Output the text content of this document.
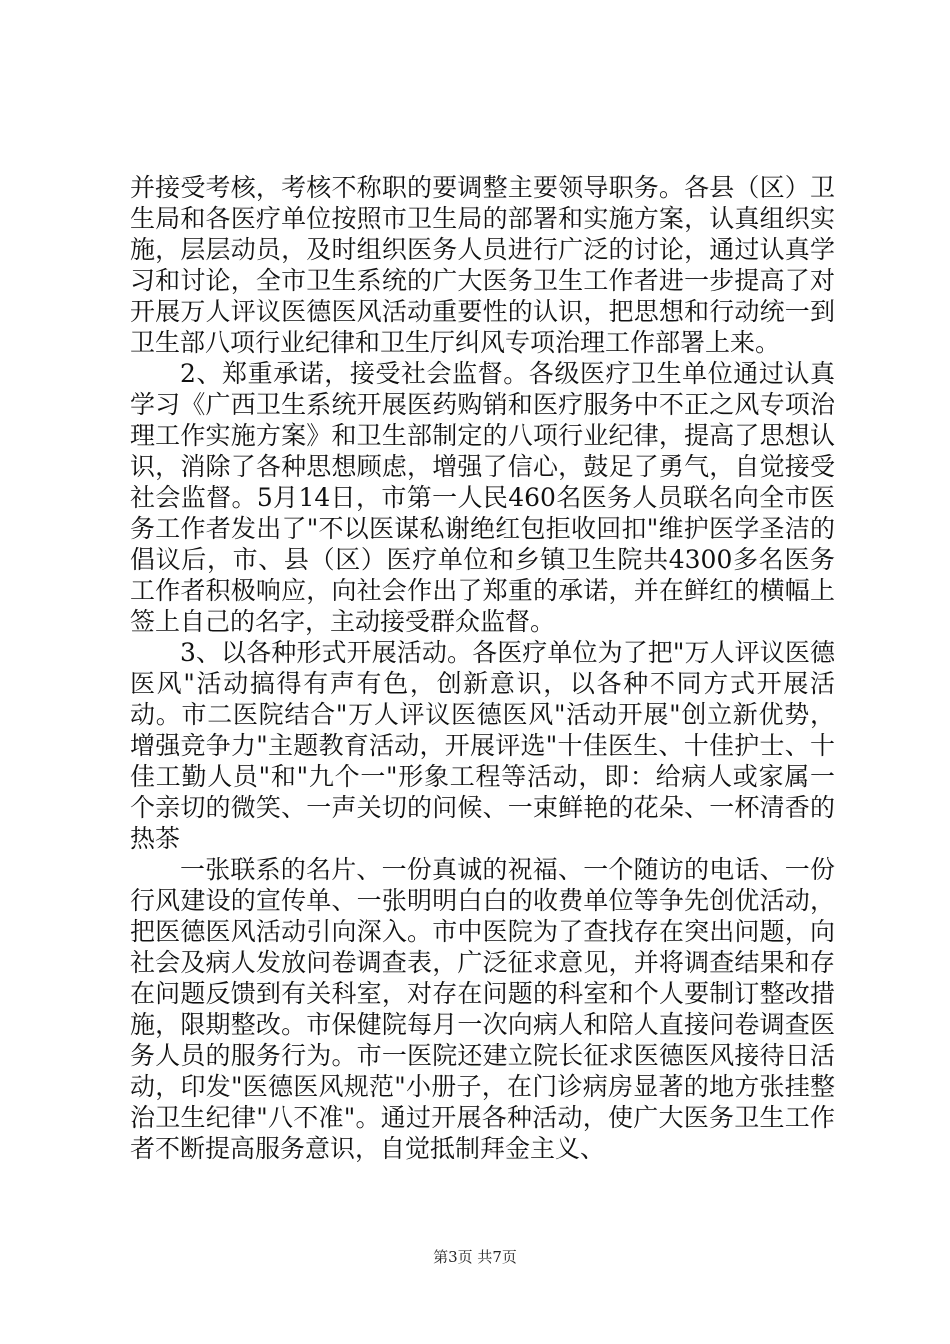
并接受考核，考核不称职的要调整主要领导职务。各县（区）卫生局和各医疗单位按照市卫生局的部署和实施方案，认真组织实施，层层动员，及时组织医务人员进行广泛的讨论，通过认真学习和讨论，全市卫生系统的广大医务卫生工作者进一步提高了对开展万人评议医德医风活动重要性的认识，把思想和行动统一到卫生部八项行业纪律和卫生厅纠风专项治理工作部署上来。

2、郑重承诺，接受社会监督。各级医疗卫生单位通过认真学习《广西卫生系统开展医药购销和医疗服务中不正之风专项治理工作实施方案》和卫生部制定的八项行业纪律，提高了思想认识，消除了各种思想顾虑，增强了信心，鼓足了勇气，自觉接受社会监督。5月14日，市第一人民460名医务人员联名向全市医务工作者发出了"不以医谋私谢绝红包拒收回扣"维护医学圣洁的倡议后，市、县（区）医疗单位和乡镇卫生院共4300多名医务工作者积极响应，向社会作出了郑重的承诺，并在鲜红的横幅上签上自己的名字，主动接受群众监督。

3、以各种形式开展活动。各医疗单位为了把"万人评议医德医风"活动搞得有声有色，创新意识，以各种不同方式开展活动。市二医院结合"万人评议医德医风"活动开展"创立新优势，增强竞争力"主题教育活动，开展评选"十佳医生、十佳护士、十佳工勤人员"和"九个一"形象工程等活动，即：给病人或家属一个亲切的微笑、一声关切的问候、一束鲜艳的花朵、一杯清香的热茶

一张联系的名片、一份真诚的祝福、一个随访的电话、一份行风建设的宣传单、一张明明白白的收费单位等争先创优活动，把医德医风活动引向深入。市中医院为了查找存在突出问题，向社会及病人发放问卷调查表，广泛征求意见，并将调查结果和存在问题反馈到有关科室，对存在问题的科室和个人要制订整改措施，限期整改。市保健院每月一次向病人和陪人直接问卷调查医务人员的服务行为。市一医院还建立院长征求医德医风接待日活动，印发"医德医风规范"小册子，在门诊病房显著的地方张挂整治卫生纪律"八不准"。通过开展各种活动，使广大医务卫生工作者不断提高服务意识，自觉抵制拜金主义、

第3页 共7页
